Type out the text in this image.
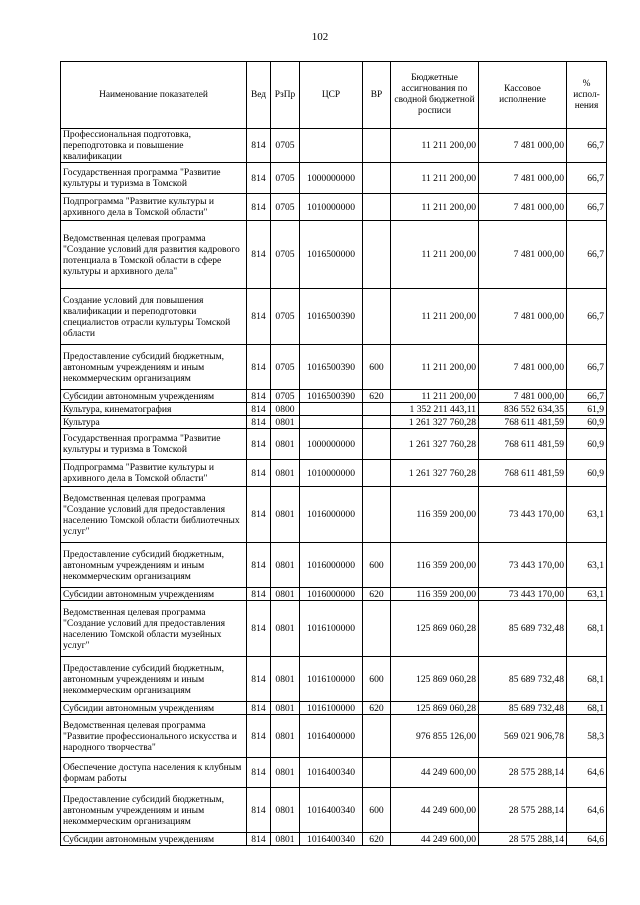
102
Наименование показателей	Вед	РзПр	ЦСР	ВР	Бюджетные ассигнования по сводной бюджетной росписи	Кассовое исполнение	% испол- нения
Профессиональная подготовка, переподготовка и повышение квалификации	814	0705			11 211 200,00	7 481 000,00	66,7
Государственная программа "Развитие культуры и туризма в Томской	814	0705	1000000000		11 211 200,00	7 481 000,00	66,7
Подпрограмма "Развитие культуры и архивного дела в Томской области"	814	0705	1010000000		11 211 200,00	7 481 000,00	66,7
Ведомственная целевая программа "Создание условий для развития кадрового потенциала в Томской области в сфере культуры и архивного дела"	814	0705	1016500000		11 211 200,00	7 481 000,00	66,7
Создание условий для повышения квалификации и переподготовки специалистов отрасли культуры Томской области	814	0705	1016500390		11 211 200,00	7 481 000,00	66,7
Предоставление субсидий бюджетным, автономным учреждениям и иным некоммерческим организациям	814	0705	1016500390	600	11 211 200,00	7 481 000,00	66,7
Субсидии автономным учреждениям	814	0705	1016500390	620	11 211 200,00	7 481 000,00	66,7
Культура, кинематография	814	0800			1 352 211 443,11	836 552 634,35	61,9
Культура	814	0801			1 261 327 760,28	768 611 481,59	60,9
Государственная программа "Развитие культуры и туризма в Томской	814	0801	1000000000		1 261 327 760,28	768 611 481,59	60,9
Подпрограмма "Развитие культуры и архивного дела в Томской области"	814	0801	1010000000		1 261 327 760,28	768 611 481,59	60,9
Ведомственная целевая программа "Создание условий для предоставления населению Томской области библиотечных услуг"	814	0801	1016000000		116 359 200,00	73 443 170,00	63,1
Предоставление субсидий бюджетным, автономным учреждениям и иным некоммерческим организациям	814	0801	1016000000	600	116 359 200,00	73 443 170,00	63,1
Субсидии автономным учреждениям	814	0801	1016000000	620	116 359 200,00	73 443 170,00	63,1
Ведомственная целевая программа "Создание условий для предоставления населению Томской области музейных услуг"	814	0801	1016100000		125 869 060,28	85 689 732,48	68,1
Предоставление субсидий бюджетным, автономным учреждениям и иным некоммерческим организациям	814	0801	1016100000	600	125 869 060,28	85 689 732,48	68,1
Субсидии автономным учреждениям	814	0801	1016100000	620	125 869 060,28	85 689 732,48	68,1
Ведомственная целевая программа "Развитие профессионального искусства и народного творчества"	814	0801	1016400000		976 855 126,00	569 021 906,78	58,3
Обеспечение доступа населения к клубным формам работы	814	0801	1016400340		44 249 600,00	28 575 288,14	64,6
Предоставление субсидий бюджетным, автономным учреждениям и иным некоммерческим организациям	814	0801	1016400340	600	44 249 600,00	28 575 288,14	64,6
Субсидии автономным учреждениям	814	0801	1016400340	620	44 249 600,00	28 575 288,14	64,6
